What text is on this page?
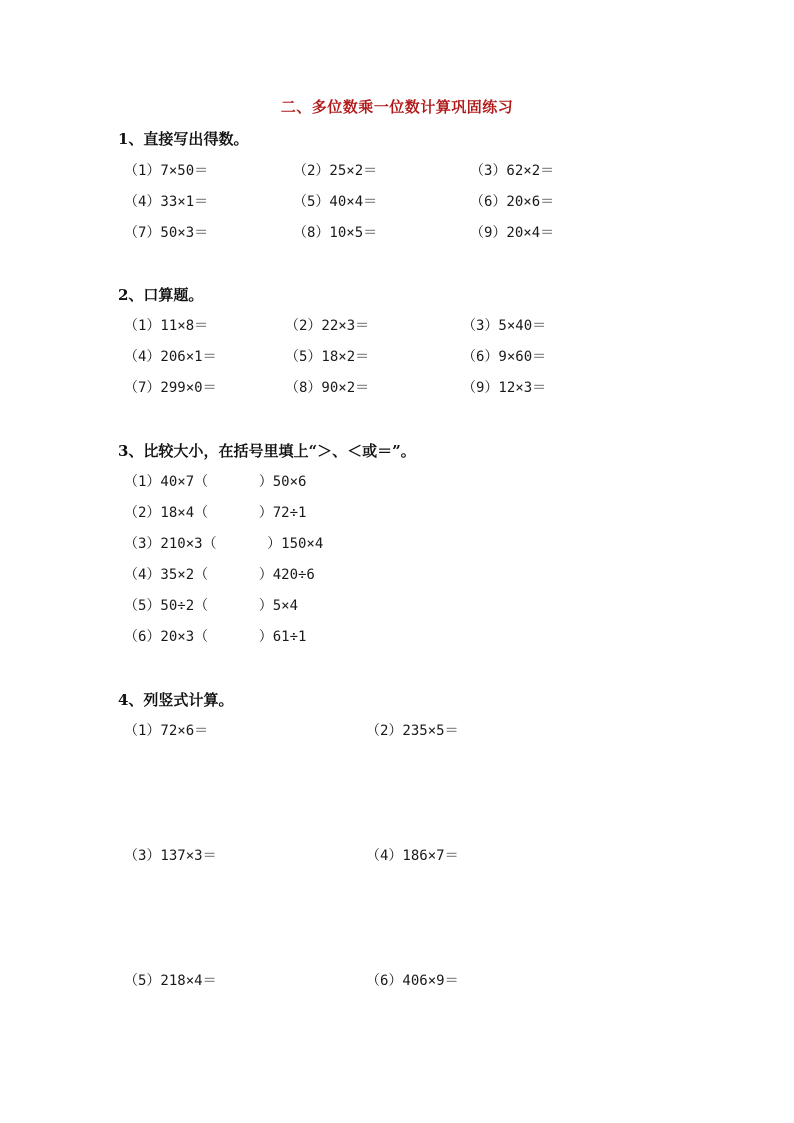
二、多位数乘一位数计算巩固练习
1、直接写出得数。
（1）7×50＝	（2）25×2＝	（3）62×2＝
（4）33×1＝	（5）40×4＝	（6）20×6＝
（7）50×3＝	（8）10×5＝	（9）20×4＝
2、口算题。
（1）11×8＝	（2）22×3＝	（3）5×40＝
（4）206×1＝	（5）18×2＝	（6）9×60＝
（7）299×0＝	（8）90×2＝	（9）12×3＝
3、比较大小，在括号里填上“＞、＜或＝”。
（1）40×7（      ）50×6
（2）18×4（      ）72÷1
（3）210×3（      ）150×4
（4）35×2（      ）420÷6
（5）50÷2（      ）5×4
（6）20×3（      ）61÷1
4、列竖式计算。
（1）72×6＝	（2）235×5＝
（3）137×3＝	（4）186×7＝
（5）218×4＝	（6）406×9＝
